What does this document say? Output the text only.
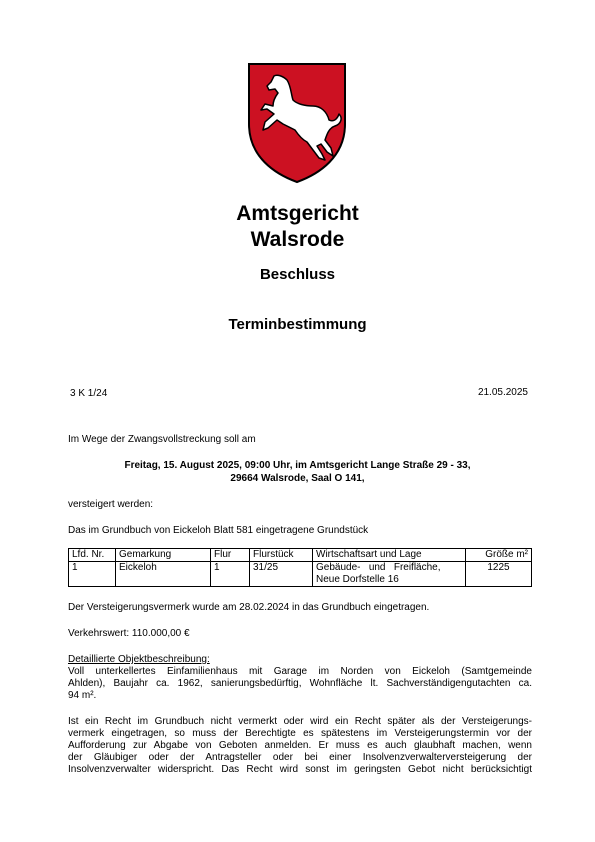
Amtsgericht
Walsrode
Beschluss
Terminbestimmung
3 K 1/24	21.05.2025
Im Wege der Zwangsvollstreckung soll am
Freitag, 15. August 2025, 09:00 Uhr, im Amtsgericht Lange Straße 29 - 33,
29664 Walsrode, Saal O 141,
versteigert werden:
Das im Grundbuch von Eickeloh Blatt 581 eingetragene Grundstück
Lfd. Nr.	Gemarkung	Flur	Flurstück	Wirtschaftsart und Lage	Größe m²
1	Eickeloh	1	31/25	Gebäude-   und   Freifläche,
Neue Dorfstelle 16	1225
Der Versteigerungsvermerk wurde am 28.02.2024 in das Grundbuch eingetragen.
Verkehrswert: 110.000,00 €
Detaillierte Objektbeschreibung:
Voll unterkellertes Einfamilienhaus mit Garage im Norden von Eickeloh (Samtgemeinde
Ahlden), Baujahr ca. 1962, sanierungsbedürftig, Wohnfläche lt. Sachverständigengutachten ca.
94 m².
Ist ein Recht im Grundbuch nicht vermerkt oder wird ein Recht später als der Versteigerungs-
vermerk eingetragen, so muss der Berechtigte es spätestens im Versteigerungstermin vor der
Aufforderung zur Abgabe von Geboten anmelden. Er muss es auch glaubhaft machen, wenn
der Gläubiger oder der Antragsteller oder bei einer Insolvenzverwalterversteigerung der
Insolvenzverwalter widerspricht. Das Recht wird sonst im geringsten Gebot nicht berücksichtigt
